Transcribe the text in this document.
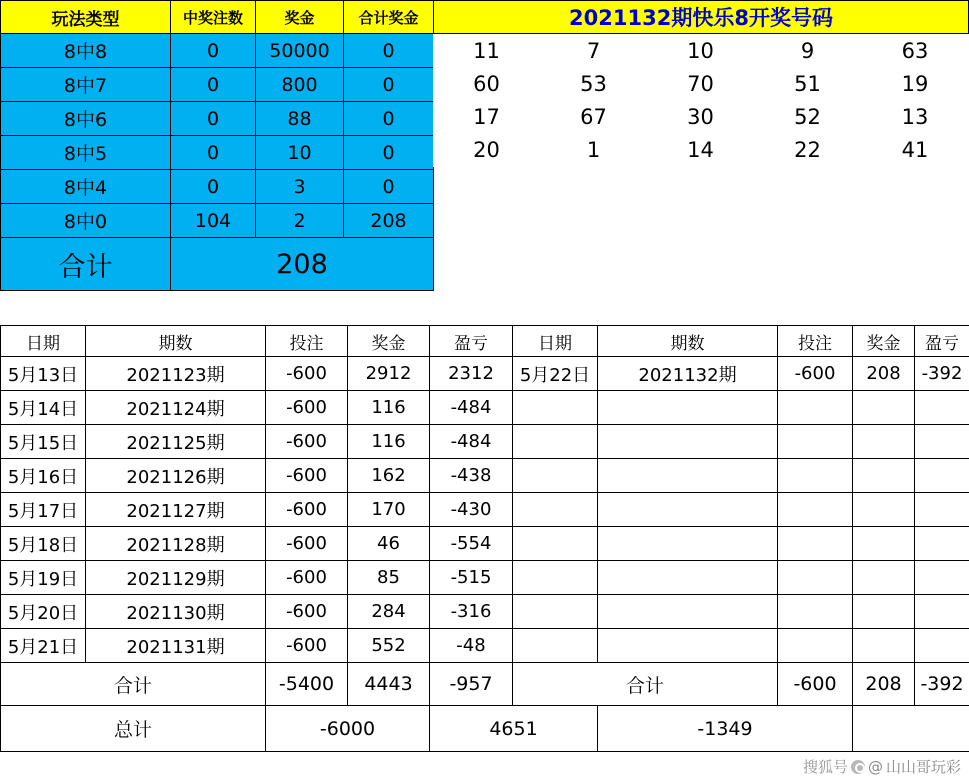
玩法类型	中奖注数	奖金	合计奖金
8中8	0	50000	0
8中7	0	800	0
8中6	0	88	0
8中5	0	10	0
8中4	0	3	0
8中0	104	2	208
合计	208		
2021132期快乐8开奖号码
11	7	10	9	63
60	53	70	51	19
17	67	30	52	13
20	1	14	22	41
日期	期数	投注	奖金	盈亏	日期	期数	投注	奖金	盈亏
5月13日	2021123期	-600	2912	2312	5月22日	2021132期	-600	208	-392
5月14日	2021124期	-600	116	-484					
5月15日	2021125期	-600	116	-484					
5月16日	2021126期	-600	162	-438					
5月17日	2021127期	-600	170	-430					
5月18日	2021128期	-600	46	-554					
5月19日	2021129期	-600	85	-515					
5月20日	2021130期	-600	284	-316					
5月21日	2021131期	-600	552	-48					
合计		-5400	4443	-957	合计		-600	208	-392
总计		-6000		4651		-1349			
搜狐号 @ 山山哥玩彩
